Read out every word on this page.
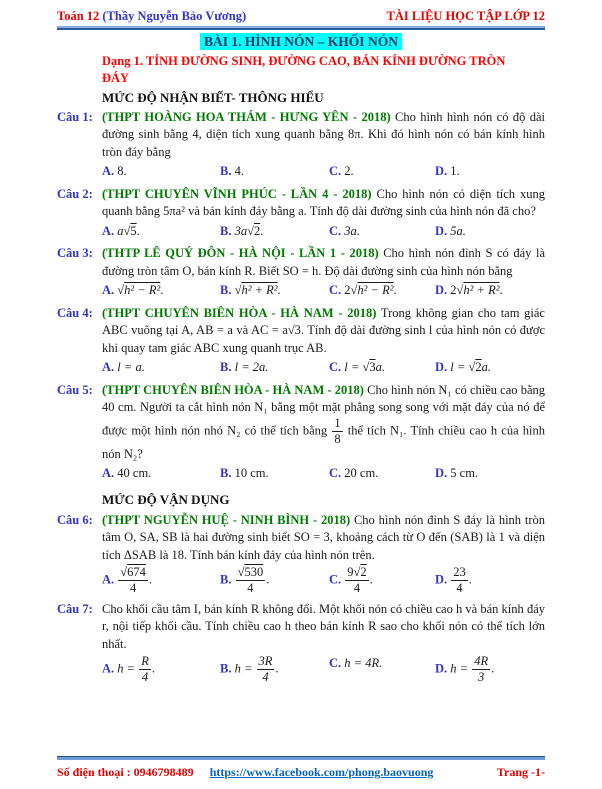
Toán 12 (Thầy Nguyễn Bảo Vương)	TÀI LIỆU HỌC TẬP LỚP 12
BÀI 1. HÌNH NÓN – KHỐI NÓN
Dạng 1. TÍNH ĐƯỜNG SINH, ĐƯỜNG CAO, BÁN KÍNH ĐƯỜNG TRÒN ĐÁY
MỨC ĐỘ NHẬN BIẾT- THÔNG HIỂU
Câu 1: (THPT HOÀNG HOA THÁM - HƯNG YÊN - 2018) Cho hình hình nón có độ dài đường sinh bằng 4, diện tích xung quanh bằng 8π. Khi đó hình nón có bán kính hình tròn đáy bằng
A. 8.	B. 4.	C. 2.	D. 1.
Câu 2: (THPT CHUYÊN VĨNH PHÚC - LẦN 4 - 2018) Cho hình nón có diện tích xung quanh bằng 5πa² và bán kính đáy bằng a. Tính độ dài đường sinh của hình nón đã cho?
A. a √ 5.	B. 3a √ 2.	C. 3a.	D. 5a.
Câu 3: (THTP LÊ QUÝ ĐÔN - HÀ NỘI - LẦN 1 - 2018) Cho hình nón đỉnh S có đáy là đường tròn tâm O, bán kính R. Biết SO = h. Độ dài đường sinh của hình nón bằng
A. √ h² − R².	B. √ h² + R².	C. 2 √ h² − R².	D. 2 √ h² + R².
Câu 4: (THPT CHUYÊN BIÊN HÒA - HÀ NAM - 2018) Trong không gian cho tam giác ABC vuông tại A, AB = a và AC = a√3. Tính độ dài đường sinh l của hình nón có được khi quay tam giác ABC xung quanh trục AB.
A. l = a.	B. l = 2a.	C. l = √ 3a.	D. l = √ 2a.
Câu 5: (THPT CHUYÊN BIÊN HÒA - HÀ NAM - 2018) Cho hình nón N₁ có chiều cao bằng 40 cm. Người ta cắt hình nón N₁ bằng một mặt phẳng song song với mặt đáy của nó để được một hình nón nhỏ N₂ có thể tích bằng $\frac{1}{8}$ thể tích N₁. Tính chiều cao h của hình nón N₂?
A. 40 cm.	B. 10 cm.	C. 20 cm.	D. 5 cm.
MỨC ĐỘ VẬN DỤNG
Câu 6: (THPT NGUYỄN HUỆ - NINH BÌNH - 2018) Cho hình nón đỉnh S đáy là hình tròn tâm O, SA, SB là hai đường sinh biết SO = 3, khoảng cách từ O đến (SAB) là 1 và diện tích ΔSAB là 18. Tính bán kính đáy của hình nón trên.
A. √ $\frac{674}{4}$ .	B. √ $\frac{530}{4}$ .	C. $\frac{9 √ 2}{4}$ .	D. $\frac{23}{4}$ .
Câu 7: Cho khối cầu tâm I, bán kính R không đổi. Một khối nón có chiều cao h và bán kính đáy r, nội tiếp khối cầu. Tính chiều cao h theo bán kính R sao cho khối nón có thể tích lớn nhất.
A. $h = \frac{R}{4}$ .	B. $h = \frac{3R}{4}$ .	C. h = 4R.	D. $h = \frac{4R}{3}$ .
Số điện thoại : 0946798489 https://www.facebook.com/phong.baovuong	Trang -1-
